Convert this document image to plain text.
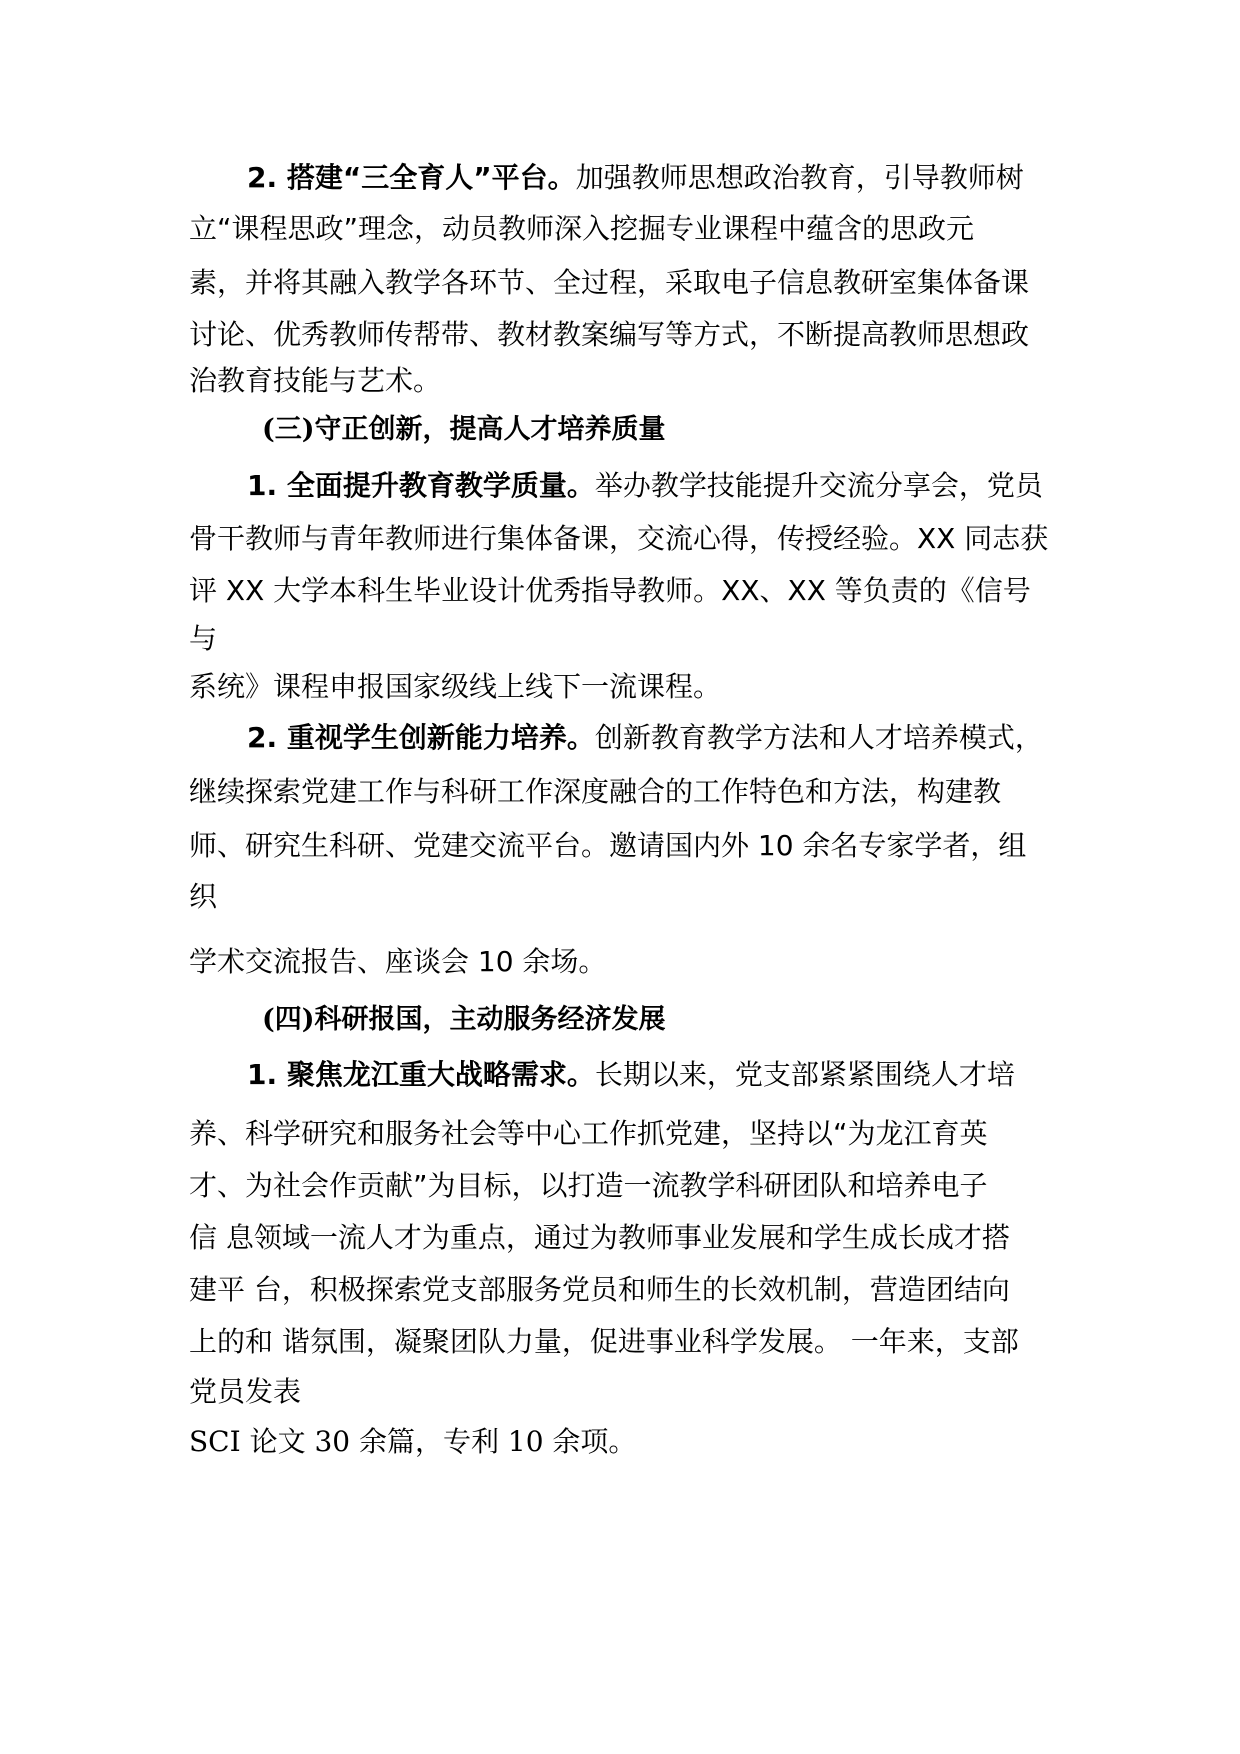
2. 搭建“三全育人”平台。加强教师思想政治教育，引导教师树

立“课程思政”理念，动员教师深入挖掘专业课程中蕴含的思政元

素，并将其融入教学各环节、全过程，采取电子信息教研室集体备课

讨论、优秀教师传帮带、教材教案编写等方式，不断提高教师思想政

治教育技能与艺术。

(三)守正创新，提高人才培养质量

1. 全面提升教育教学质量。举办教学技能提升交流分享会，党员

骨干教师与青年教师进行集体备课，交流心得，传授经验。XX 同志获

评 XX 大学本科生毕业设计优秀指导教师。XX、XX 等负责的《信号

与

系统》课程申报国家级线上线下一流课程。

2. 重视学生创新能力培养。创新教育教学方法和人才培养模式，

继续探索党建工作与科研工作深度融合的工作特色和方法，构建教

师、研究生科研、党建交流平台。邀请国内外 10 余名专家学者，组

织

学术交流报告、座谈会 10 余场。

(四)科研报国，主动服务经济发展

1. 聚焦龙江重大战略需求。长期以来，党支部紧紧围绕人才培

养、科学研究和服务社会等中心工作抓党建，坚持以“为龙江育英

才、为社会作贡献”为目标，以打造一流教学科研团队和培养电子

信 息领域一流人才为重点，通过为教师事业发展和学生成长成才搭

建平 台，积极探索党支部服务党员和师生的长效机制，营造团结向

上的和 谐氛围，凝聚团队力量，促进事业科学发展。 一年来，支部

党员发表

SCI 论文 30 余篇，专利 10 余项。
